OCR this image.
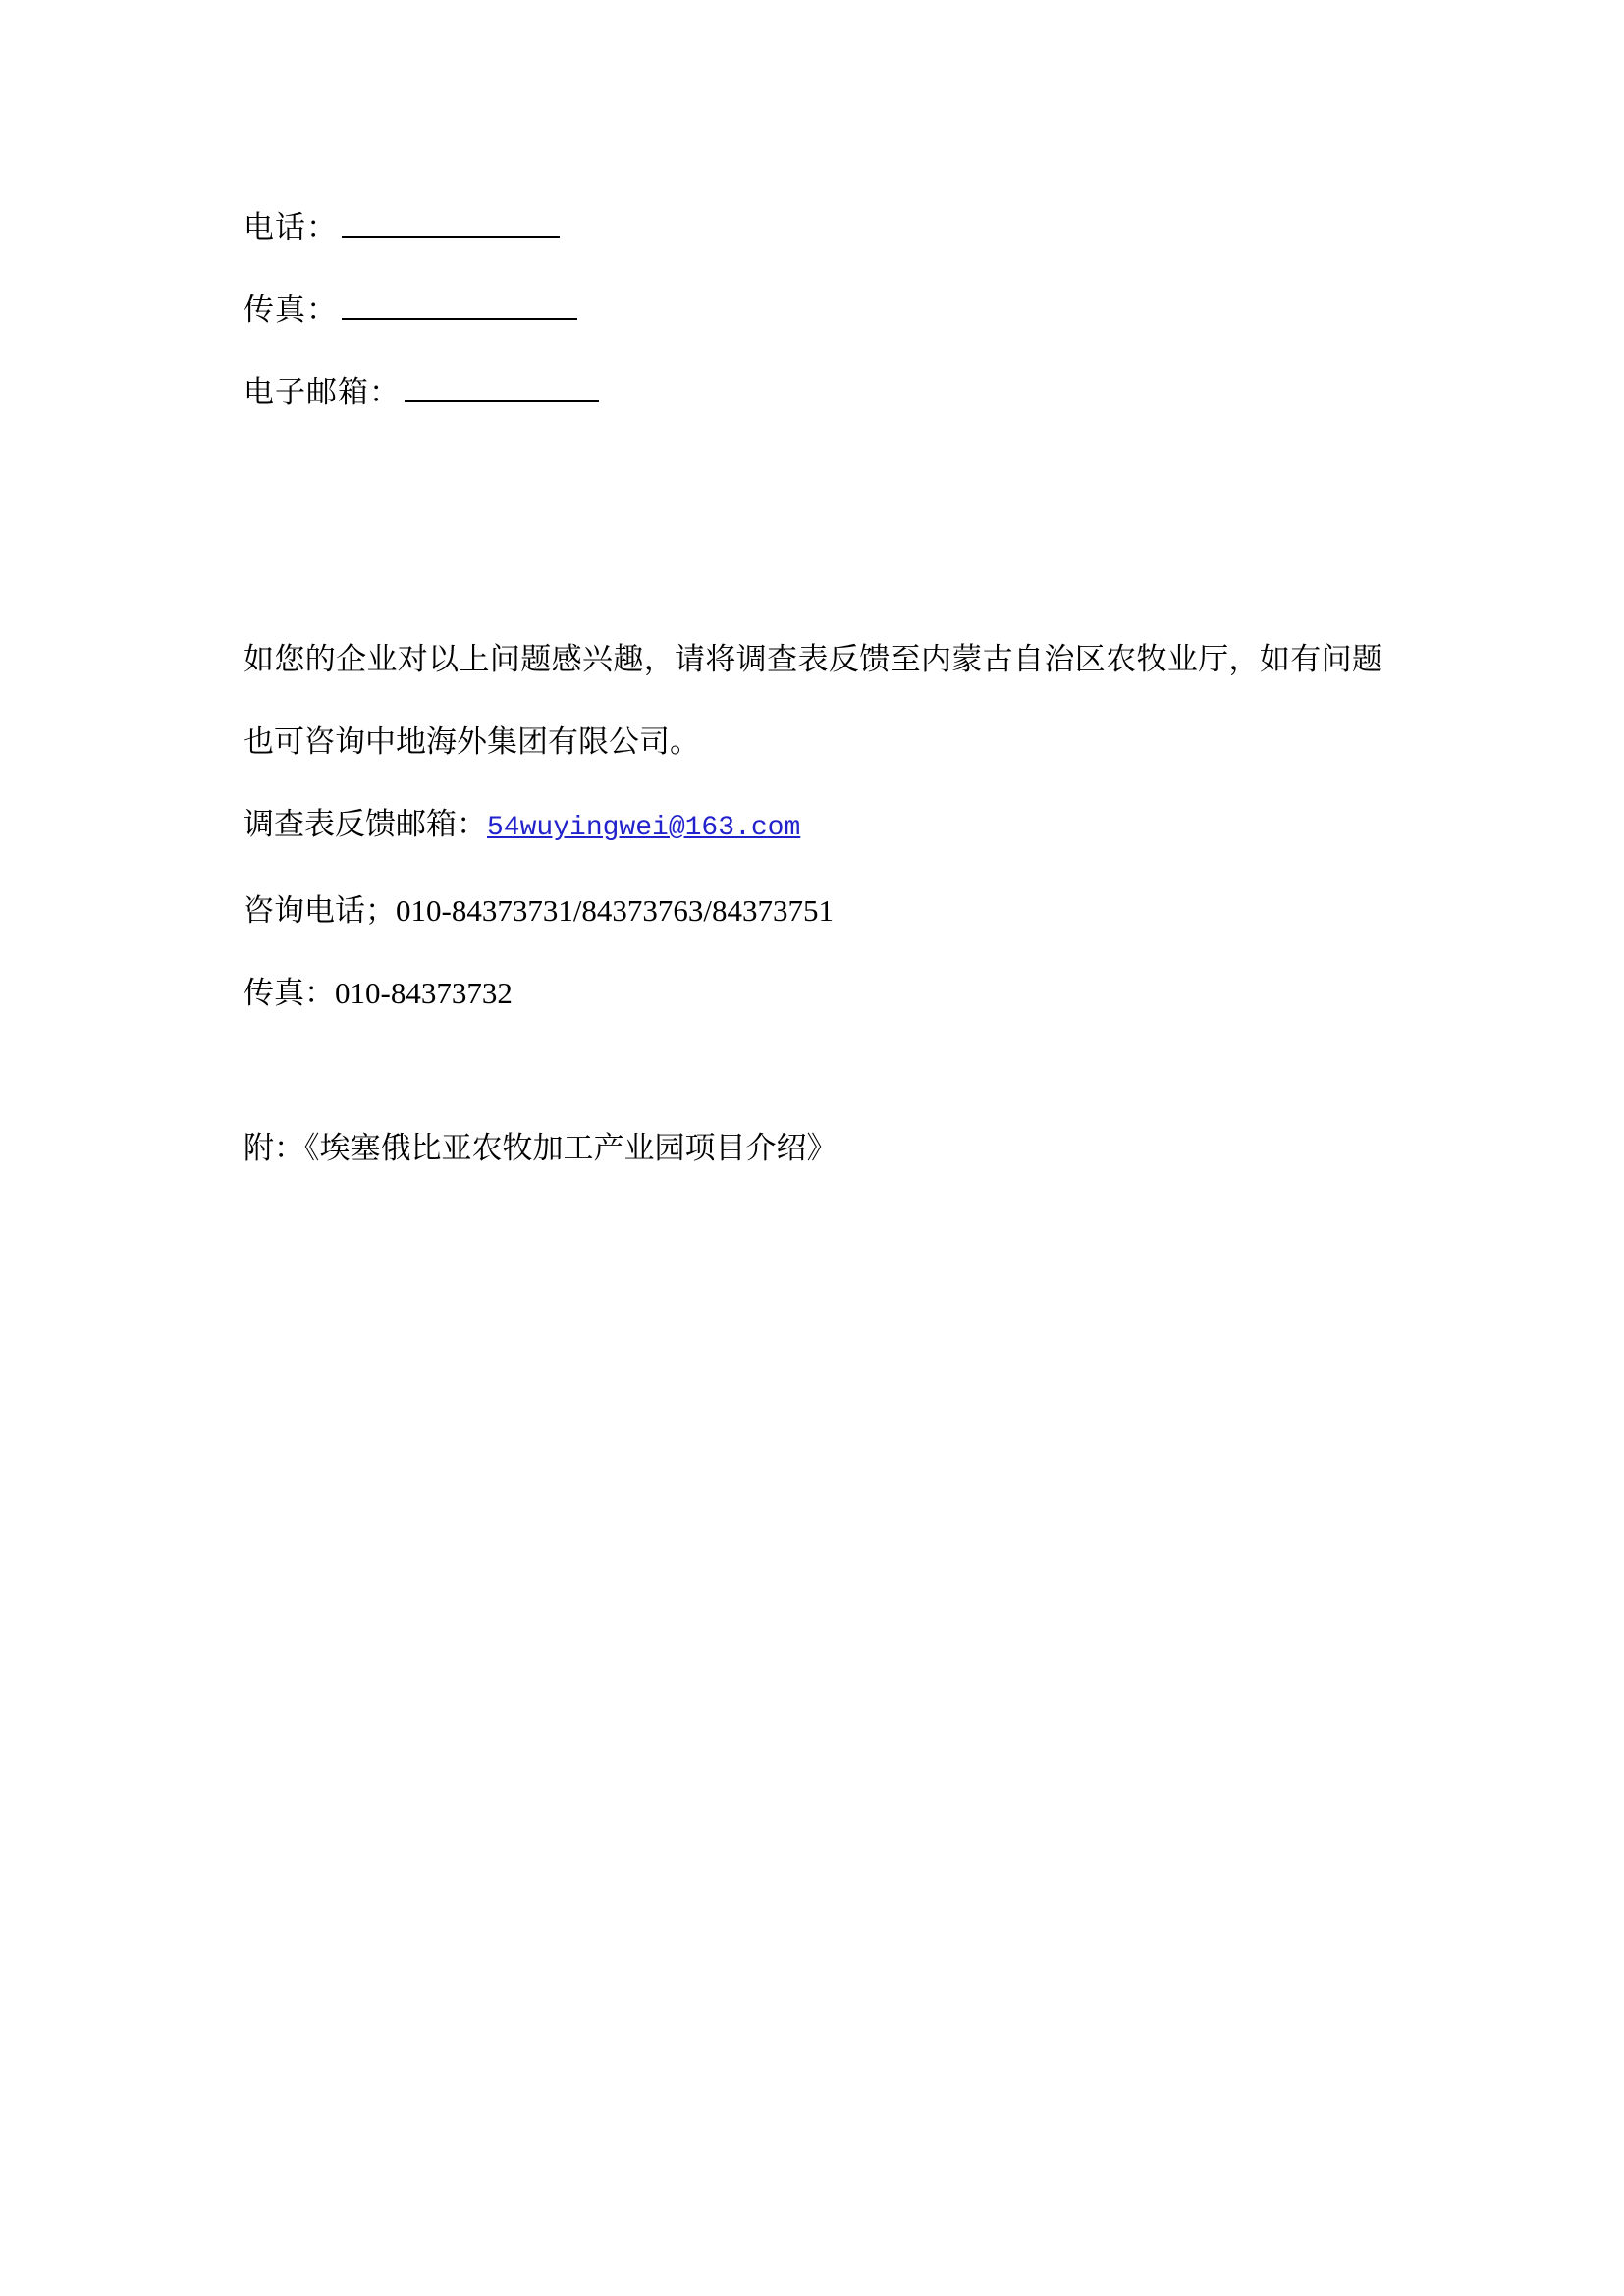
电话：
传真：
电子邮箱：
如您的企业对以上问题感兴趣，请将调查表反馈至内蒙古自治区农牧业厅，如有问题也可咨询中地海外集团有限公司。
调查表反馈邮箱：54wuyingwei@163.com
咨询电话；010-84373731/84373763/84373751
传真：010-84373732
附：《埃塞俄比亚农牧加工产业园项目介绍》
